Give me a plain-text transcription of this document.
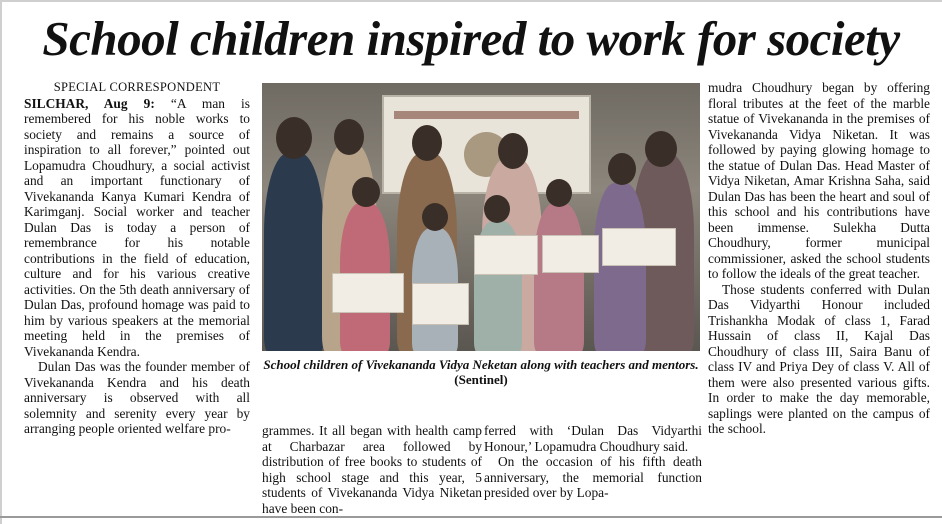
School children inspired to work for society

SPECIAL CORRESPONDENT

SILCHAR, Aug 9: “A man is remembered for his noble works to society and remains a source of inspiration to all forever,” pointed out Lopamudra Choudhury, a social activist and an important functionary of Vivekananda Kanya Kumari Kendra of Karimganj. Social worker and teacher Dulan Das is today a person of remembrance for his notable contributions in the field of education, culture and for his various creative activities. On the 5th death anniversary of Dulan Das, profound homage was paid to him by various speakers at the memorial meeting held in the premises of Vivekananda Kendra.

Dulan Das was the founder member of Vivekananda Kendra and his death anniversary is observed with all solemnity and serenity every year by arranging people oriented welfare pro-

School children of Vivekananda Vidya Neketan along with teachers and mentors. (Sentinel)

grammes. It all began with health camp at Charbazar area followed by distribution of free books to students of high school stage and this year, 5 students of Vivekananda Vidya Niketan have been con-

ferred with ‘Dulan Das Vidyarthi Honour,’ Lopamudra Choudhury said.

On the occasion of his fifth death anniversary, the memorial function presided over by Lopa-

mudra Choudhury began by offering floral tributes at the feet of the marble statue of Vivekananda in the premises of Vivekananda Vidya Niketan. It was followed by paying glowing homage to the statue of Dulan Das. Head Master of Vidya Niketan, Amar Krishna Saha, said Dulan Das has been the heart and soul of this school and his contributions have been immense. Sulekha Dutta Choudhury, former municipal commissioner, asked the school students to follow the ideals of the great teacher.

Those students conferred with Dulan Das Vidyarthi Honour included Trishankha Modak of class 1, Farad Hussain of class II, Kajal Das Choudhury of class III, Saira Banu of class IV and Priya Dey of class V. All of them were also presented various gifts. In order to make the day memorable, saplings were planted on the campus of the school.
